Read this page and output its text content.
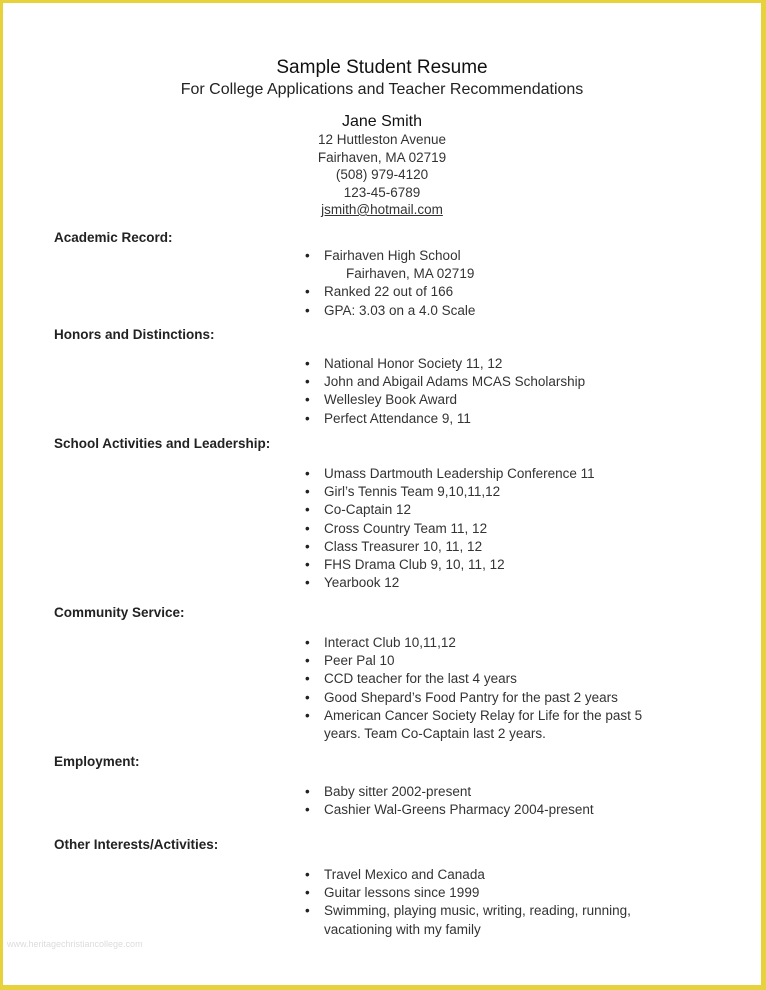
Sample Student Resume
For College Applications and Teacher Recommendations
Jane Smith
12 Huttleston Avenue
Fairhaven, MA 02719
(508) 979-4120
123-45-6789
jsmith@hotmail.com
Academic Record:
• Fairhaven High School
Fairhaven, MA 02719
• Ranked 22 out of 166
• GPA: 3.03 on a 4.0 Scale
Honors and Distinctions:
• National Honor Society 11, 12
• John and Abigail Adams MCAS Scholarship
• Wellesley Book Award
• Perfect Attendance 9, 11
School Activities and Leadership:
• Umass Dartmouth Leadership Conference 11
• Girl’s Tennis Team 9,10,11,12
• Co-Captain 12
• Cross Country Team 11, 12
• Class Treasurer 10, 11, 12
• FHS Drama Club 9, 10, 11, 12
• Yearbook 12
Community Service:
• Interact Club 10,11,12
• Peer Pal 10
• CCD teacher for the last 4 years
• Good Shepard’s Food Pantry for the past 2 years
• American Cancer Society Relay for Life for the past 5 years. Team Co-Captain last 2 years.
Employment:
• Baby sitter 2002-present
• Cashier Wal-Greens Pharmacy 2004-present
Other Interests/Activities:
• Travel Mexico and Canada
• Guitar lessons since 1999
• Swimming, playing music, writing, reading, running, vacationing with my family
www.heritagechristiancollege.com
